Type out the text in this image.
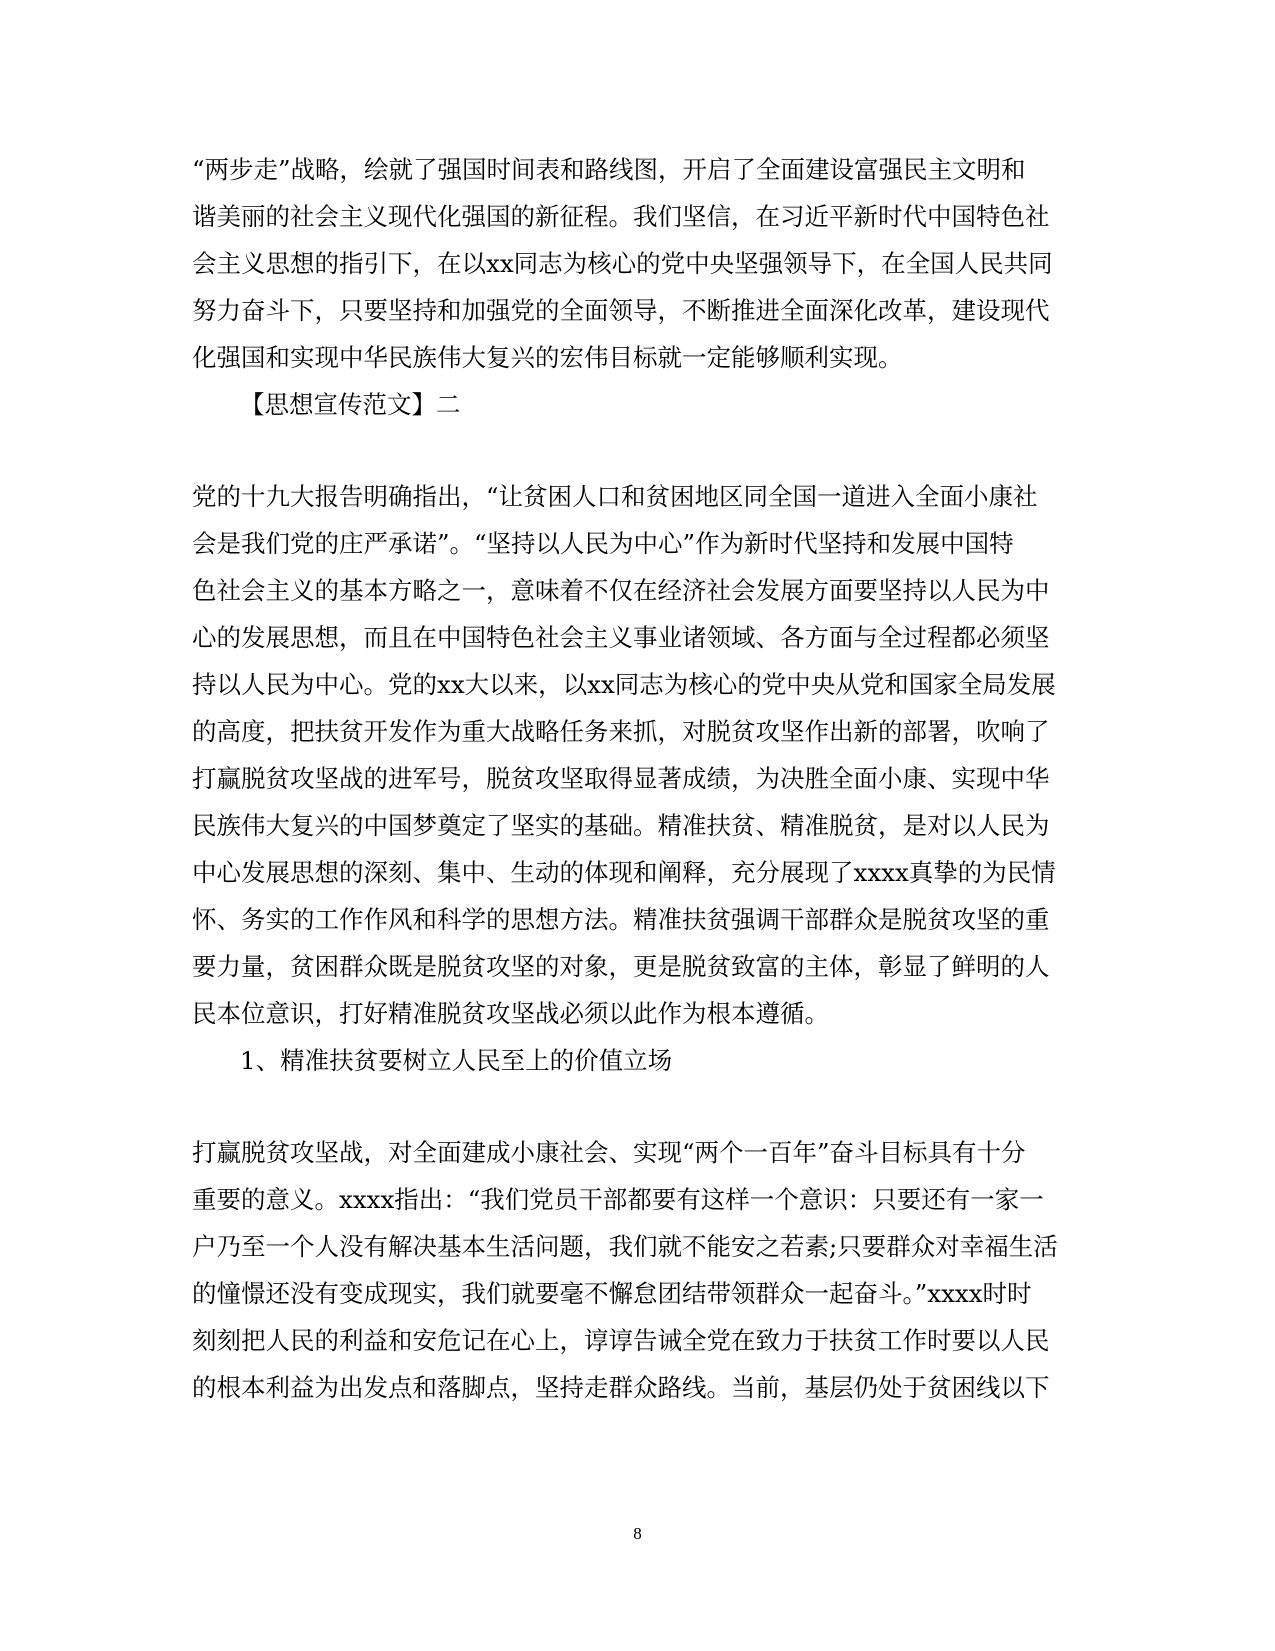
“两步走”战略，绘就了强国时间表和路线图，开启了全面建设富强民主文明和
谐美丽的社会主义现代化强国的新征程。我们坚信，在习近平新时代中国特色社
会主义思想的指引下，在以xx同志为核心的党中央坚强领导下，在全国人民共同
努力奋斗下，只要坚持和加强党的全面领导，不断推进全面深化改革，建设现代
化强国和实现中华民族伟大复兴的宏伟目标就一定能够顺利实现。
【思想宣传范文】二
党的十九大报告明确指出，“让贫困人口和贫困地区同全国一道进入全面小康社
会是我们党的庄严承诺”。“坚持以人民为中心”作为新时代坚持和发展中国特
色社会主义的基本方略之一，意味着不仅在经济社会发展方面要坚持以人民为中
心的发展思想，而且在中国特色社会主义事业诸领域、各方面与全过程都必须坚
持以人民为中心。党的xx大以来，以xx同志为核心的党中央从党和国家全局发展
的高度，把扶贫开发作为重大战略任务来抓，对脱贫攻坚作出新的部署，吹响了
打赢脱贫攻坚战的进军号，脱贫攻坚取得显著成绩，为决胜全面小康、实现中华
民族伟大复兴的中国梦奠定了坚实的基础。精准扶贫、精准脱贫，是对以人民为
中心发展思想的深刻、集中、生动的体现和阐释，充分展现了xxxx真挚的为民情
怀、务实的工作作风和科学的思想方法。精准扶贫强调干部群众是脱贫攻坚的重
要力量，贫困群众既是脱贫攻坚的对象，更是脱贫致富的主体，彰显了鲜明的人
民本位意识，打好精准脱贫攻坚战必须以此作为根本遵循。
1、精准扶贫要树立人民至上的价值立场
打赢脱贫攻坚战，对全面建成小康社会、实现“两个一百年”奋斗目标具有十分
重要的意义。xxxx指出：“我们党员干部都要有这样一个意识：只要还有一家一
户乃至一个人没有解决基本生活问题，我们就不能安之若素;只要群众对幸福生活
的憧憬还没有变成现实，我们就要毫不懈怠团结带领群众一起奋斗。”xxxx时时
刻刻把人民的利益和安危记在心上，谆谆告诫全党在致力于扶贫工作时要以人民
的根本利益为出发点和落脚点，坚持走群众路线。当前，基层仍处于贫困线以下
8
